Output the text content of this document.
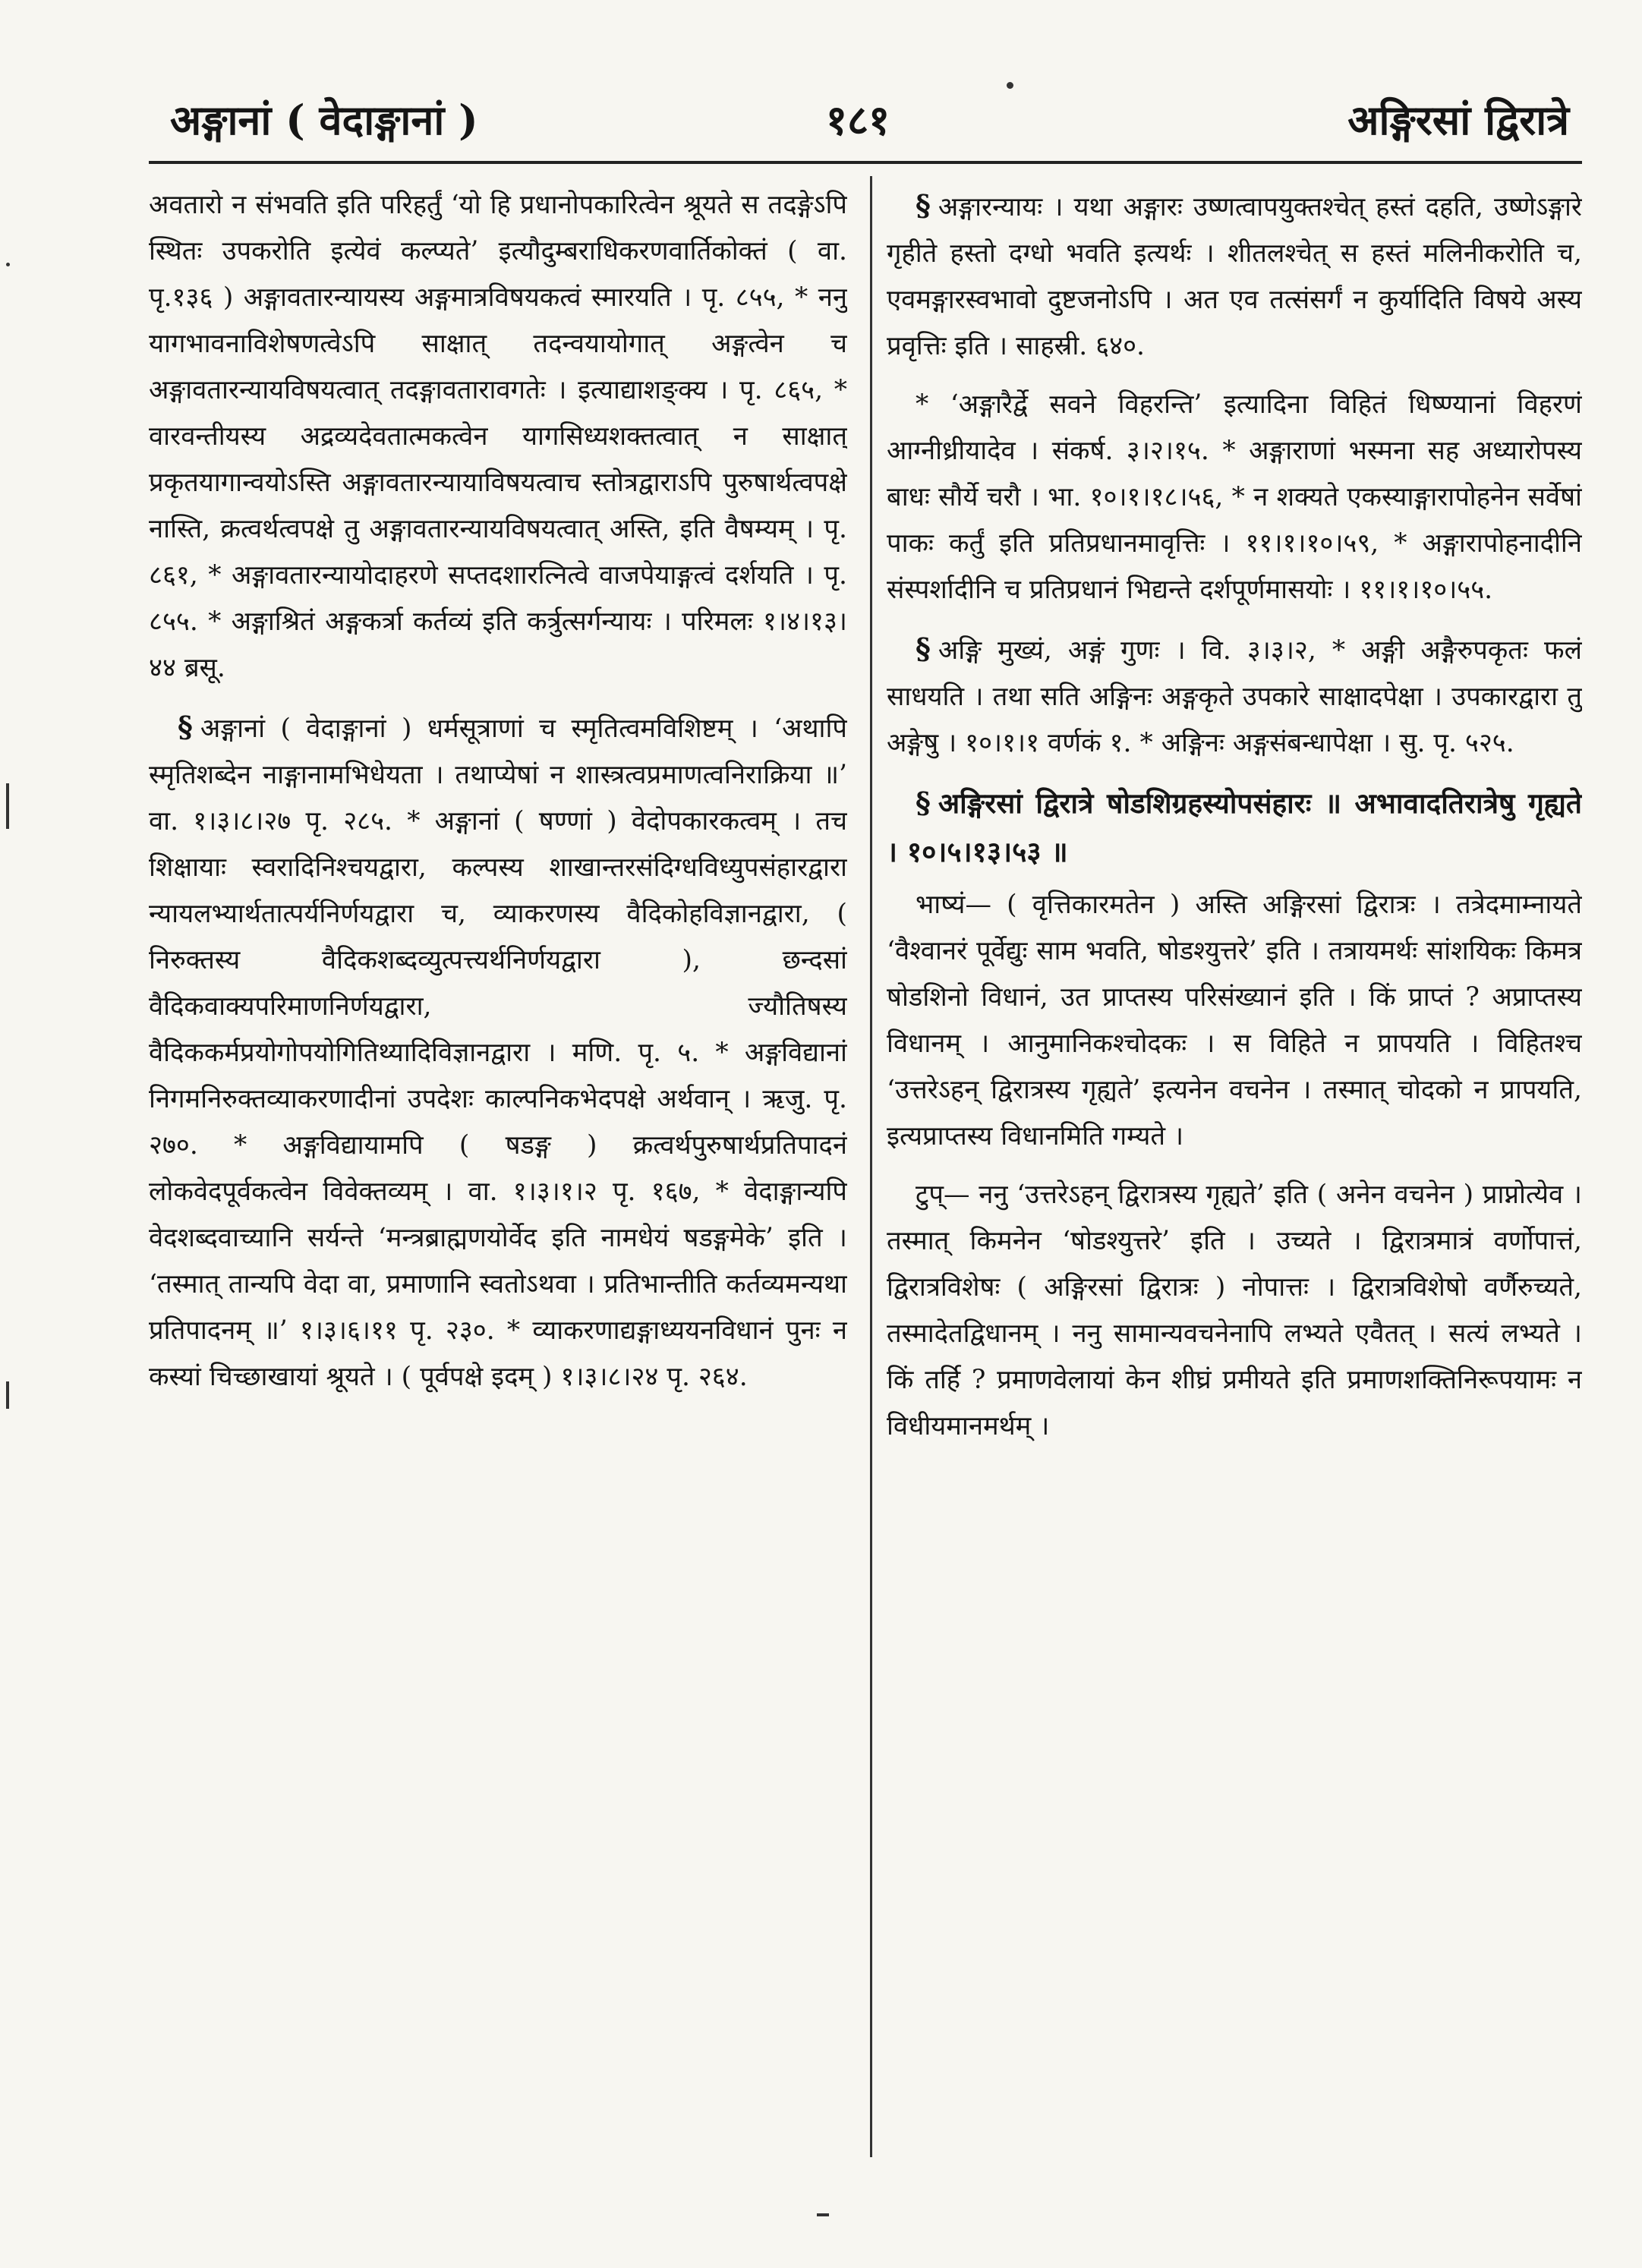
अङ्गानां ( वेदाङ्गानां )	१८१	अङ्गिरसां द्विरात्रे

अवतारो न संभवति इति परिहर्तुं ‘यो हि प्रधानोपकारित्वेन श्रूयते स तदङ्गेऽपि स्थितः उपकरोति इत्येवं कल्प्यते’ इत्यौदुम्बराधिकरणवार्तिकोक्तं ( वा. पृ.१३६ ) अङ्गावतारन्यायस्य अङ्गमात्रविषयकत्वं स्मारयति । पृ. ८५५, * ननु यागभावनाविशेषणत्वेऽपि साक्षात् तदन्वयायोगात् अङ्गत्वेन च अङ्गावतारन्यायविषयत्वात् तदङ्गावतारावगतेः । इत्याद्याशङ्क्य । पृ. ८६५, * वारवन्तीयस्य अद्रव्यदेवतात्मकत्वेन यागसिध्यशक्तत्वात् न साक्षात् प्रकृतयागान्वयोऽस्ति अङ्गावतारन्यायाविषयत्वाच स्तोत्रद्वाराऽपि पुरुषार्थत्वपक्षे नास्ति, क्रत्वर्थत्वपक्षे तु अङ्गावतारन्यायविषयत्वात् अस्ति, इति वैषम्यम् । पृ. ८६१, * अङ्गावतारन्यायोदाहरणे सप्तदशारत्नित्वे वाजपेयाङ्गत्वं दर्शयति । पृ. ८५५. * अङ्गाश्रितं अङ्गकर्त्रा कर्तव्यं इति कर्त्रुत्सर्गन्यायः । परिमलः १।४।१३।४४ ब्रसू.

§ अङ्गानां ( वेदाङ्गानां ) धर्मसूत्राणां च स्मृतित्वमविशिष्टम् । ‘अथापि स्मृतिशब्देन नाङ्गानामभिधेयता । तथाप्येषां न शास्त्रत्वप्रमाणत्वनिराक्रिया ॥’ वा. १।३।८।२७ पृ. २८५. * अङ्गानां ( षण्णां ) वेदोपकारकत्वम् । तच शिक्षायाः स्वरादिनिश्चयद्वारा, कल्पस्य शाखान्तरसंदिग्धविध्युपसंहारद्वारा न्यायलभ्यार्थतात्पर्यनिर्णयद्वारा च, व्याकरणस्य वैदिकोहविज्ञानद्वारा, ( निरुक्तस्य वैदिकशब्दव्युत्पत्त्यर्थनिर्णयद्वारा ), छन्दसां वैदिकवाक्यपरिमाणनिर्णयद्वारा, ज्यौतिषस्य वैदिककर्मप्रयोगोपयोगितिथ्यादिविज्ञानद्वारा । मणि. पृ. ५. * अङ्गविद्यानां निगमनिरुक्तव्याकरणादीनां उपदेशः काल्पनिकभेदपक्षे अर्थवान् । ऋजु. पृ. २७०. * अङ्गविद्यायामपि ( षडङ्ग ) क्रत्वर्थपुरुषार्थप्रतिपादनं लोकवेदपूर्वकत्वेन विवेक्तव्यम् । वा. १।३।१।२ पृ. १६७, * वेदाङ्गान्यपि वेदशब्दवाच्यानि सर्यन्ते ‘मन्त्रब्राह्मणयोर्वेद इति नामधेयं षडङ्गमेके’ इति । ‘तस्मात् तान्यपि वेदा वा, प्रमाणानि स्वतोऽथवा । प्रतिभान्तीति कर्तव्यमन्यथा प्रतिपादनम् ॥’ १।३।६।११ पृ. २३०. * व्याकरणाद्यङ्गाध्ययनविधानं पुनः न कस्यां चिच्छाखायां श्रूयते । ( पूर्वपक्षे इदम् ) १।३।८।२४ पृ. २६४.

§ अङ्गारन्यायः । यथा अङ्गारः उष्णत्वापयुक्तश्चेत् हस्तं दहति, उष्णेऽङ्गारे गृहीते हस्तो दग्धो भवति इत्यर्थः । शीतलश्चेत् स हस्तं मलिनीकरोति च, एवमङ्गारस्वभावो दुष्टजनोऽपि । अत एव तत्संसर्गं न कुर्यादिति विषये अस्य प्रवृत्तिः इति । साहस्री. ६४०.

* ‘अङ्गारैर्द्वे सवने विहरन्ति’ इत्यादिना विहितं धिष्ण्यानां विहरणं आग्नीध्रीयादेव । संकर्ष. ३।२।१५. * अङ्गाराणां भस्मना सह अध्यारोपस्य बाधः सौर्ये चरौ । भा. १०।१।१८।५६, * न शक्यते एकस्याङ्गारापोहनेन सर्वेषां पाकः कर्तुं इति प्रतिप्रधानमावृत्तिः । ११।१।१०।५९, * अङ्गारापोहनादीनि संस्पर्शादीनि च प्रतिप्रधानं भिद्यन्ते दर्शपूर्णमासयोः । ११।१।१०।५५.

§ अङ्गि मुख्यं, अङ्गं गुणः । वि. ३।३।२, * अङ्गी अङ्गैरुपकृतः फलं साधयति । तथा सति अङ्गिनः अङ्गकृते उपकारे साक्षादपेक्षा । उपकारद्वारा तु अङ्गेषु । १०।१।१ वर्णकं १. * अङ्गिनः अङ्गसंबन्धापेक्षा । सु. पृ. ५२५.

§ अङ्गिरसां द्विरात्रे षोडशिग्रहस्योपसंहारः ॥ अभावादतिरात्रेषु गृह्यते । १०।५।१३।५३ ॥

भाष्यं— ( वृत्तिकारमतेन ) अस्ति अङ्गिरसां द्विरात्रः । तत्रेदमाम्नायते ‘वैश्वानरं पूर्वेद्युः साम भवति, षोडश्युत्तरे’ इति । तत्रायमर्थः सांशयिकः किमत्र षोडशिनो विधानं, उत प्राप्तस्य परिसंख्यानं इति । किं प्राप्तं ? अप्राप्तस्य विधानम् । आनुमानिकश्चोदकः । स विहिते न प्रापयति । विहितश्च ‘उत्तरेऽहन् द्विरात्रस्य गृह्यते’ इत्यनेन वचनेन । तस्मात् चोदको न प्रापयति, इत्यप्राप्तस्य विधानमिति गम्यते ।

टुप्— ननु ‘उत्तरेऽहन् द्विरात्रस्य गृह्यते’ इति ( अनेन वचनेन ) प्राप्नोत्येव । तस्मात् किमनेन ‘षोडश्युत्तरे’ इति । उच्यते । द्विरात्रमात्रं वर्णोपात्तं, द्विरात्रविशेषः ( अङ्गिरसां द्विरात्रः ) नोपात्तः । द्विरात्रविशेषो वर्णैरुच्यते, तस्मादेतद्विधानम् । ननु सामान्यवचनेनापि लभ्यते एवैतत् । सत्यं लभ्यते । किं तर्हि ? प्रमाणवेलायां केन शीघ्रं प्रमीयते इति प्रमाणशक्तिनिरूपयामः न विधीयमानमर्थम् ।
